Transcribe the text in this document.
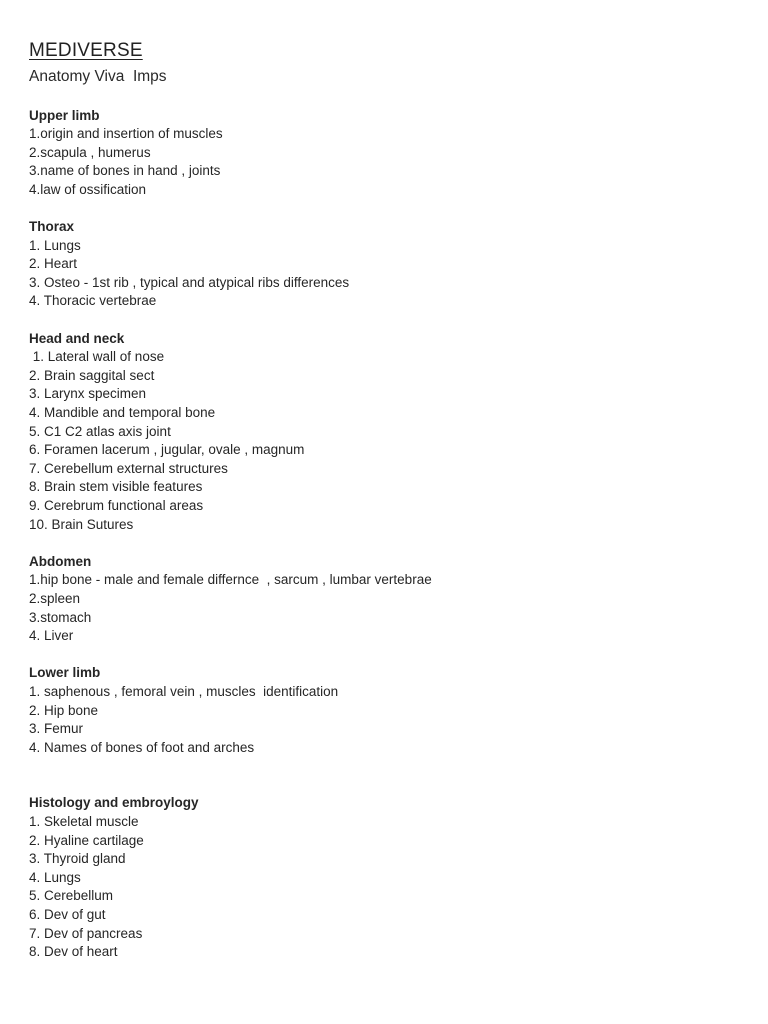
MEDIVERSE
Anatomy Viva  Imps
Upper limb
1.origin and insertion of muscles
2.scapula , humerus
3.name of bones in hand , joints
4.law of ossification
Thorax
1. Lungs
2. Heart
3. Osteo - 1st rib , typical and atypical ribs differences
4. Thoracic vertebrae
Head and neck
1. Lateral wall of nose
2. Brain saggital sect
3. Larynx specimen
4. Mandible and temporal bone
5. C1 C2 atlas axis joint
6. Foramen lacerum , jugular, ovale , magnum
7. Cerebellum external structures
8. Brain stem visible features
9. Cerebrum functional areas
10. Brain Sutures
Abdomen
1.hip bone - male and female differnce  , sarcum , lumbar vertebrae
2.spleen
3.stomach
4. Liver
Lower limb
1. saphenous , femoral vein , muscles  identification
2. Hip bone
3. Femur
4. Names of bones of foot and arches
Histology and embroylogy
1. Skeletal muscle
2. Hyaline cartilage
3. Thyroid gland
4. Lungs
5. Cerebellum
6. Dev of gut
7. Dev of pancreas
8. Dev of heart
